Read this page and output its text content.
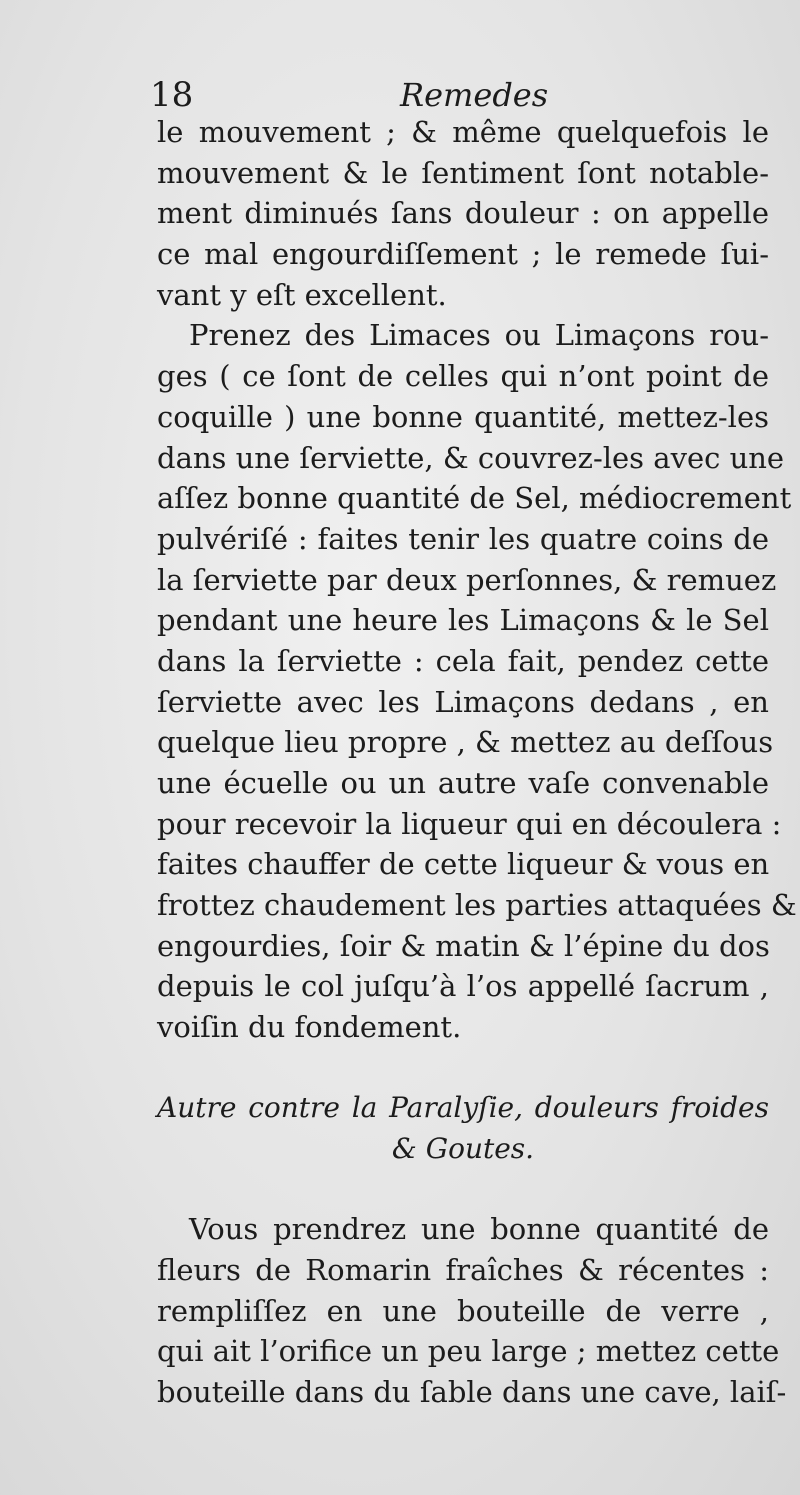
18	Remedes
le mouvement ; & même quelquefois le
mouvement & le ſentiment ſont notable-
ment diminués ſans douleur : on appelle
ce mal engourdiſſement ; le remede ſui-
vant y eſt excellent.
Prenez des Limaces ou Limaçons rou-
ges ( ce ſont de celles qui n’ont point de
coquille ) une bonne quantité, mettez-les
dans une ſerviette, & couvrez-les avec une
aſſez bonne quantité de Sel, médiocrement
pulvériſé : faites tenir les quatre coins de
la ſerviette par deux perſonnes, & remuez
pendant une heure les Limaçons & le Sel
dans la ſerviette : cela fait, pendez cette
ſerviette avec les Limaçons dedans , en
quelque lieu propre , & mettez au deſſous
une écuelle ou un autre vaſe convenable
pour recevoir la liqueur qui en découlera :
faites chauffer de cette liqueur & vous en
frottez chaudement les parties attaquées &
engourdies, ſoir & matin & l’épine du dos
depuis le col juſqu’à l’os appellé ſacrum ,
voiſin du fondement.
Autre contre la Paralyſie, douleurs froides
& Goutes.
Vous prendrez une bonne quantité de
fleurs de Romarin fraîches & récentes :
rempliſſez en une bouteille de verre ,
qui ait l’orifice un peu large ; mettez cette
bouteille dans du ſable dans une cave, laiſ-
